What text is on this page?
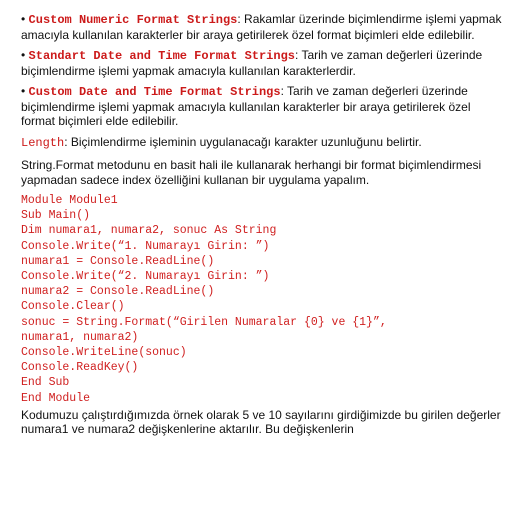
• Custom Numeric Format Strings: Rakamlar üzerinde biçimlendirme işlemi yapmak amacıyla kullanılan karakterler bir araya getirilerek özel format biçimleri elde edilebilir.

• Standart Date and Time Format Strings: Tarih ve zaman değerleri üzerinde biçimlendirme işlemi yapmak amacıyla kullanılan karakterlerdir.

• Custom Date and Time Format Strings: Tarih ve zaman değerleri üzerinde biçimlendirme işlemi yapmak amacıyla kullanılan karakterler bir araya getirilerek özel format biçimleri elde edilebilir.

Length: Biçimlendirme işleminin uygulanacağı karakter uzunluğunu belirtir.

String.Format metodunu en basit hali ile kullanarak herhangi bir format biçimlendirmesi yapmadan sadece index özelliğini kullanan bir uygulama yapalım.

Module Module1
Sub Main()
Dim numara1, numara2, sonuc As String
Console.Write(“1. Numarayı Girin: ”)
numara1 = Console.ReadLine()
Console.Write(“2. Numarayı Girin: ”)
numara2 = Console.ReadLine()
Console.Clear()
sonuc = String.Format(“Girilen Numaralar {0} ve {1}”,
numara1, numara2)
Console.WriteLine(sonuc)
Console.ReadKey()
End Sub
End Module

Kodumuzu çalıştırdığımızda örnek olarak 5 ve 10 sayılarını girdiğimizde bu girilen değerler numara1 ve numara2 değişkenlerine aktarılır. Bu değişkenlerin
